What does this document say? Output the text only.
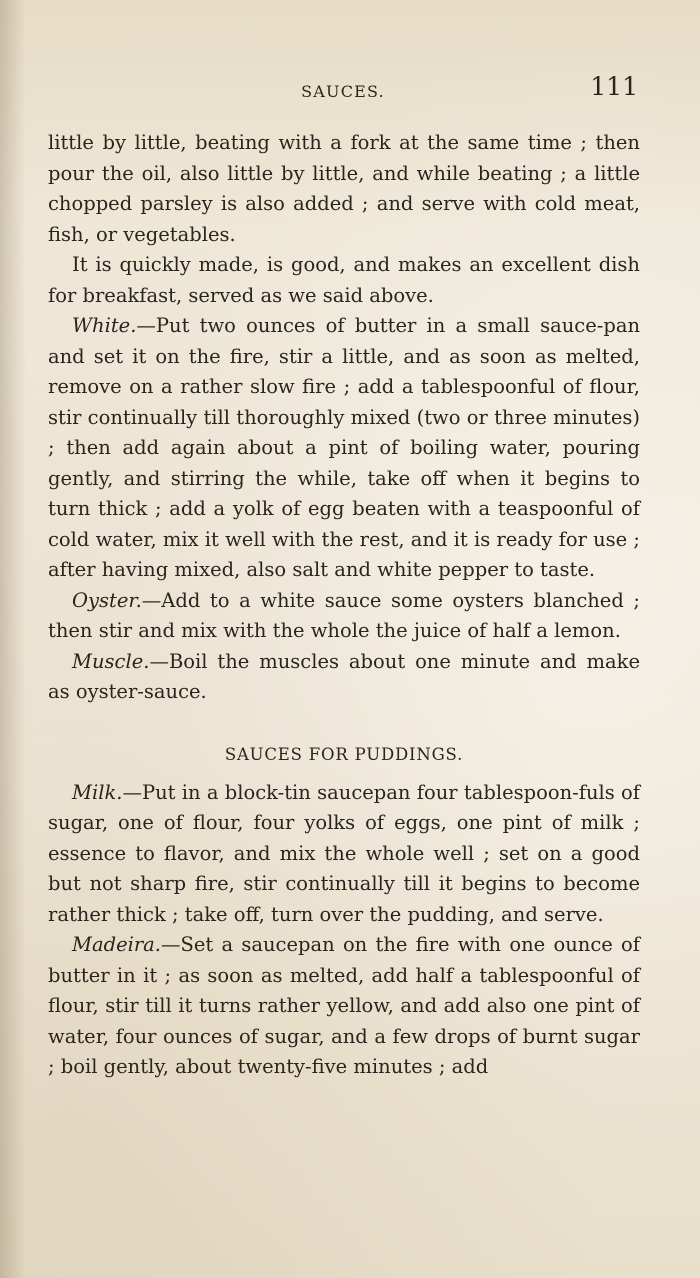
SAUCES.	111

little by little, beating with a fork at the same time ; then pour the oil, also little by little, and while beating ; a little chopped parsley is also added ; and serve with cold meat, fish, or vegetables.

It is quickly made, is good, and makes an excellent dish for breakfast, served as we said above.

White.—Put two ounces of butter in a small sauce-pan and set it on the fire, stir a little, and as soon as melted, remove on a rather slow fire ; add a tablespoonful of flour, stir continually till thoroughly mixed (two or three minutes) ; then add again about a pint of boiling water, pouring gently, and stirring the while, take off when it begins to turn thick ; add a yolk of egg beaten with a teaspoonful of cold water, mix it well with the rest, and it is ready for use ; after having mixed, also salt and white pepper to taste.

Oyster.—Add to a white sauce some oysters blanched ; then stir and mix with the whole the juice of half a lemon.

Muscle.—Boil the muscles about one minute and make as oyster-sauce.

SAUCES FOR PUDDINGS.

Milk.—Put in a block-tin saucepan four tablespoon-fuls of sugar, one of flour, four yolks of eggs, one pint of milk ; essence to flavor, and mix the whole well ; set on a good but not sharp fire, stir continually till it begins to become rather thick ; take off, turn over the pudding, and serve.

Madeira.—Set a saucepan on the fire with one ounce of butter in it ; as soon as melted, add half a tablespoonful of flour, stir till it turns rather yellow, and add also one pint of water, four ounces of sugar, and a few drops of burnt sugar ; boil gently, about twenty-five minutes ; add
